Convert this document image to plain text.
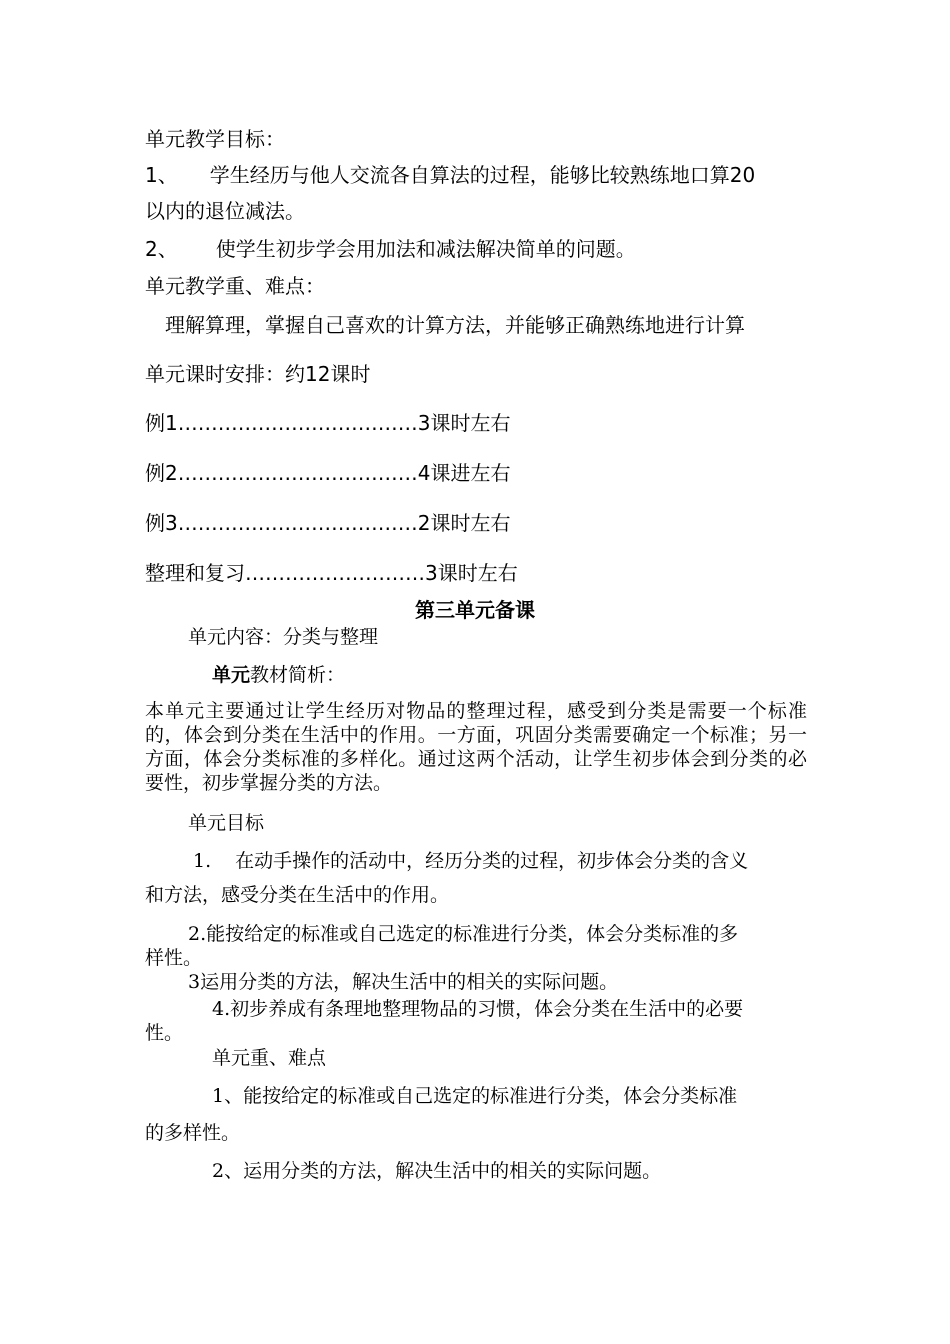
单元教学目标：
1、 学生经历与他人交流各自算法的过程，能够比较熟练地口算20
以内的退位减法。
2、 使学生初步学会用加法和减法解决简单的问题。
单元教学重、难点：
理解算理，掌握自己喜欢的计算方法，并能够正确熟练地进行计算
单元课时安排：约12课时
例1………………………………3课时左右
例2………………………………4课进左右
例3………………………………2课时左右
整理和复习………………………3课时左右
第三单元备课
单元内容：分类与整理
单元教材简析：
本单元主要通过让学生经历对物品的整理过程，感受到分类是需要一个标准的，体会到分类在生活中的作用。一方面，巩固分类需要确定一个标准；另一方面，体会分类标准的多样化。通过这两个活动，让学生初步体会到分类的必要性，初步掌握分类的方法。
单元目标
1. 在动手操作的活动中，经历分类的过程，初步体会分类的含义
和方法，感受分类在生活中的作用。
2.能按给定的标准或自己选定的标准进行分类，体会分类标准的多
样性。
3运用分类的方法，解决生活中的相关的实际问题。
4.初步养成有条理地整理物品的习惯，体会分类在生活中的必要
性。
单元重、难点
1、能按给定的标准或自己选定的标准进行分类，体会分类标准
的多样性。
2、运用分类的方法，解决生活中的相关的实际问题。
